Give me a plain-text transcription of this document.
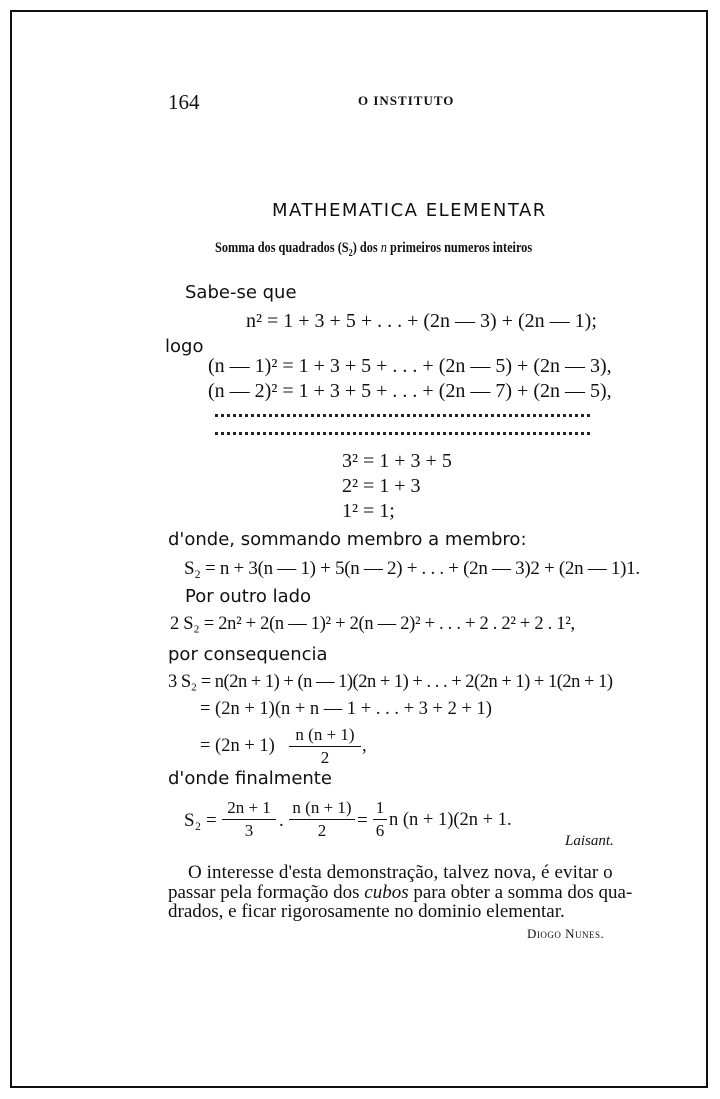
164	O INSTITUTO
MATHEMATICA ELEMENTAR
Somma dos quadrados $(S_2)$ dos n primeiros numeros inteiros
Sabe-se que
n² = 1 + 3 + 5 + . . . + (2n — 3) + (2n — 1);
logo
(n — 1)² = 1 + 3 + 5 + . . . + (2n — 5) + (2n — 3),
(n — 2)² = 1 + 3 + 5 + . . . + (2n — 7) + (2n — 5),
3² = 1 + 3 + 5
2² = 1 + 3
1² = 1;
d'onde, sommando membro a membro:
S₂ = n + 3(n — 1) + 5(n — 2) + . . . + (2n — 3)2 + (2n — 1)1.
Por outro lado
2 S₂ = 2n² + 2(n — 1)² + 2(n — 2)² + . . . + 2 . 2² + 2 . 1²,
por consequencia
3 S₂ = n(2n + 1) + (n — 1)(2n + 1) + . . . + 2(2n + 1) + 1(2n + 1)
= (2n + 1)(n + n — 1 + . . . + 3 + 2 + 1)
= (2n + 1)
n (n + 1)
2
,
d'onde finalmente
S₂ =
2n + 1
3	.
n (n + 1)
2	=
1
6
n (n + 1)(2n + 1.
Laisant.
O interesse d'esta demonstração, talvez nova, é evitar o
passar pela formação dos cubos para obter a somma dos qua-
drados, e ficar rigorosamente no dominio elementar.
Diogo Nunes.
